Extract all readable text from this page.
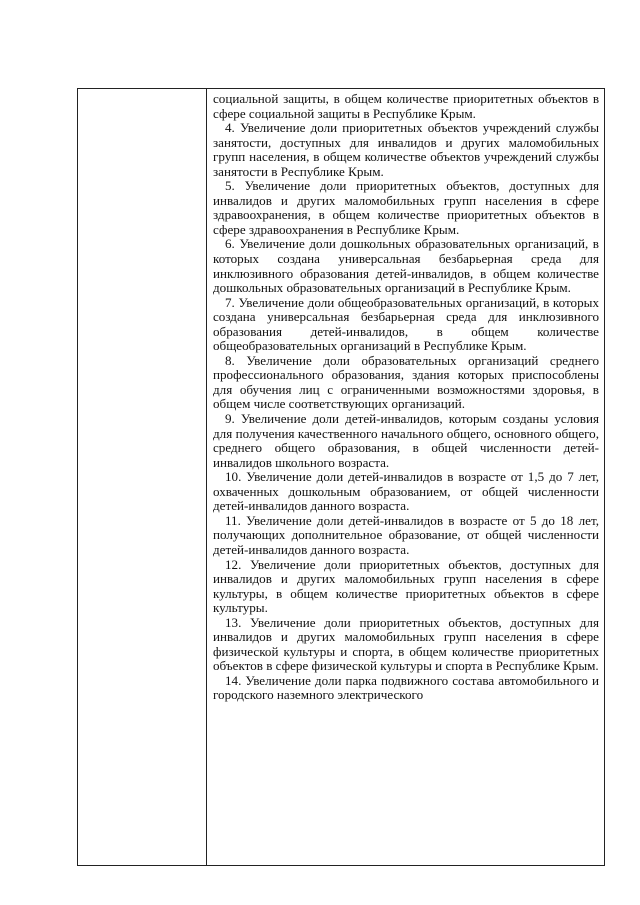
социальной защиты, в общем количестве приоритетных объектов в сфере социальной защиты в Республике Крым.

4. Увеличение доли приоритетных объектов учреждений службы занятости, доступных для инвалидов и других маломобильных групп населения, в общем количестве объектов учреждений службы занятости в Республике Крым.

5. Увеличение доли приоритетных объектов, доступных для инвалидов и других маломобильных групп населения в сфере здравоохранения, в общем количестве приоритетных объектов в сфере здравоохранения в Республике Крым.

6. Увеличение доли дошкольных образовательных организаций, в которых создана универсальная безбарьерная среда для инклюзивного образования детей-инвалидов, в общем количестве дошкольных образовательных организаций в Республике Крым.

7. Увеличение доли общеобразовательных организаций, в которых создана универсальная безбарьерная среда для инклюзивного образования детей-инвалидов, в общем количестве общеобразовательных организаций в Республике Крым.

8. Увеличение доли образовательных организаций среднего профессионального образования, здания которых приспособлены для обучения лиц с ограниченными возможностями здоровья, в общем числе соответствующих организаций.

9. Увеличение доли детей-инвалидов, которым созданы условия для получения качественного начального общего, основного общего, среднего общего образования, в общей численности детей-инвалидов школьного возраста.

10. Увеличение доли детей-инвалидов в возрасте от 1,5 до 7 лет, охваченных дошкольным образованием, от общей численности детей-инвалидов данного возраста.

11. Увеличение доли детей-инвалидов в возрасте от 5 до 18 лет, получающих дополнительное образование, от общей численности детей-инвалидов данного возраста.

12. Увеличение доли приоритетных объектов, доступных для инвалидов и других маломобильных групп населения в сфере культуры, в общем количестве приоритетных объектов в сфере культуры.

13. Увеличение доли приоритетных объектов, доступных для инвалидов и других маломобильных групп населения в сфере физической культуры и спорта, в общем количестве приоритетных объектов в сфере физической культуры и спорта в Республике Крым.

14. Увеличение доли парка подвижного состава автомобильного и городского наземного электрического
